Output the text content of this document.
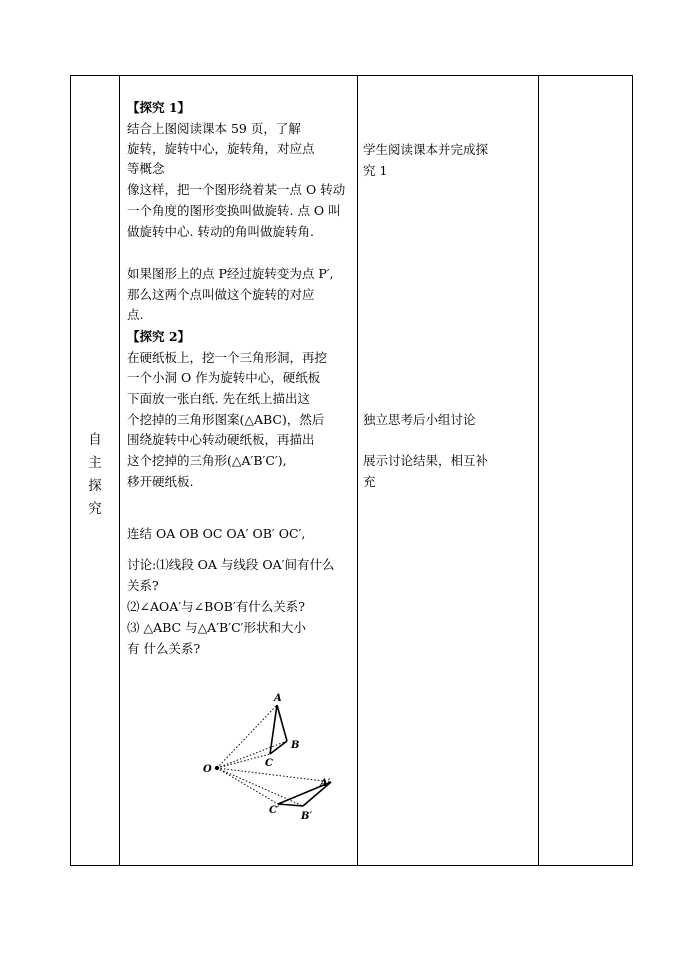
自
主
探
究
【探究 1】
结合上图阅读课本 59 页，了解
旋转，旋转中心，旋转角，对应点
等概念
像这样，把一个图形绕着某一点 O 转动
一个角度的图形变换叫做旋转. 点 O 叫
做旋转中心. 转动的角叫做旋转角.
如果图形上的点 P经过旋转变为点 P′,
那么这两个点叫做这个旋转的对应
点.
【探究 2】
在硬纸板上，挖一个三角形洞，再挖
一个小洞 O 作为旋转中心，硬纸板
下面放一张白纸. 先在纸上描出这
个挖掉的三角形图案(△ABC)，然后
围绕旋转中心转动硬纸板，再描出
这个挖掉的三角形(△A′B′C′),
移开硬纸板.
连结 OA OB OC OA′ OB′ OC′,
讨论:⑴线段 OA 与线段 OA′间有什么
关系?
⑵∠AOA′与∠BOB′有什么关系?
⑶ △ABC 与△A′B′C′形状和大小
有 什么关系?
A
B
C
O
A′
B′
C′
学生阅读课本并完成探
究 1
独立思考后小组讨论
展示讨论结果，相互补
充
